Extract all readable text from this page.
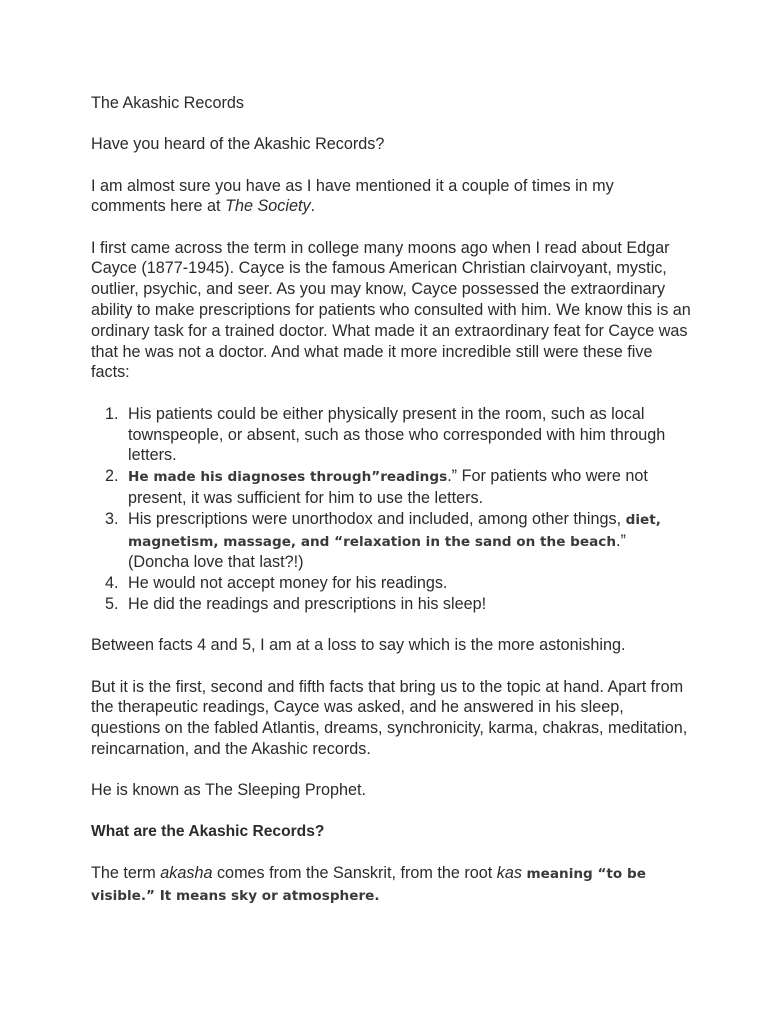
The Akashic Records

Have you heard of the Akashic Records?

I am almost sure you have as I have mentioned it a couple of times in my comments here at The Society.

I first came across the term in college many moons ago when I read about Edgar Cayce (1877-1945). Cayce is the famous American Christian clairvoyant, mystic, outlier, psychic, and seer. As you may know, Cayce possessed the extraordinary ability to make prescriptions for patients who consulted with him. We know this is an ordinary task for a trained doctor. What made it an extraordinary feat for Cayce was that he was not a doctor. And what made it more incredible still were these five facts:

1. His patients could be either physically present in the room, such as local townspeople, or absent, such as those who corresponded with him through letters.
2. He made his diagnoses through”readings.” For patients who were not present, it was sufficient for him to use the letters.
3. His prescriptions were unorthodox and included, among other things, diet, magnetism, massage, and “relaxation in the sand on the beach.” (Doncha love that last?!)
4. He would not accept money for his readings.
5. He did the readings and prescriptions in his sleep!

Between facts 4 and 5, I am at a loss to say which is the more astonishing.

But it is the first, second and fifth facts that bring us to the topic at hand. Apart from the therapeutic readings, Cayce was asked, and he answered in his sleep, questions on the fabled Atlantis, dreams, synchronicity, karma, chakras, meditation, reincarnation, and the Akashic records.

He is known as The Sleeping Prophet.

What are the Akashic Records?

The term akasha comes from the Sanskrit, from the root kas meaning “to be visible.” It means sky or atmosphere.
